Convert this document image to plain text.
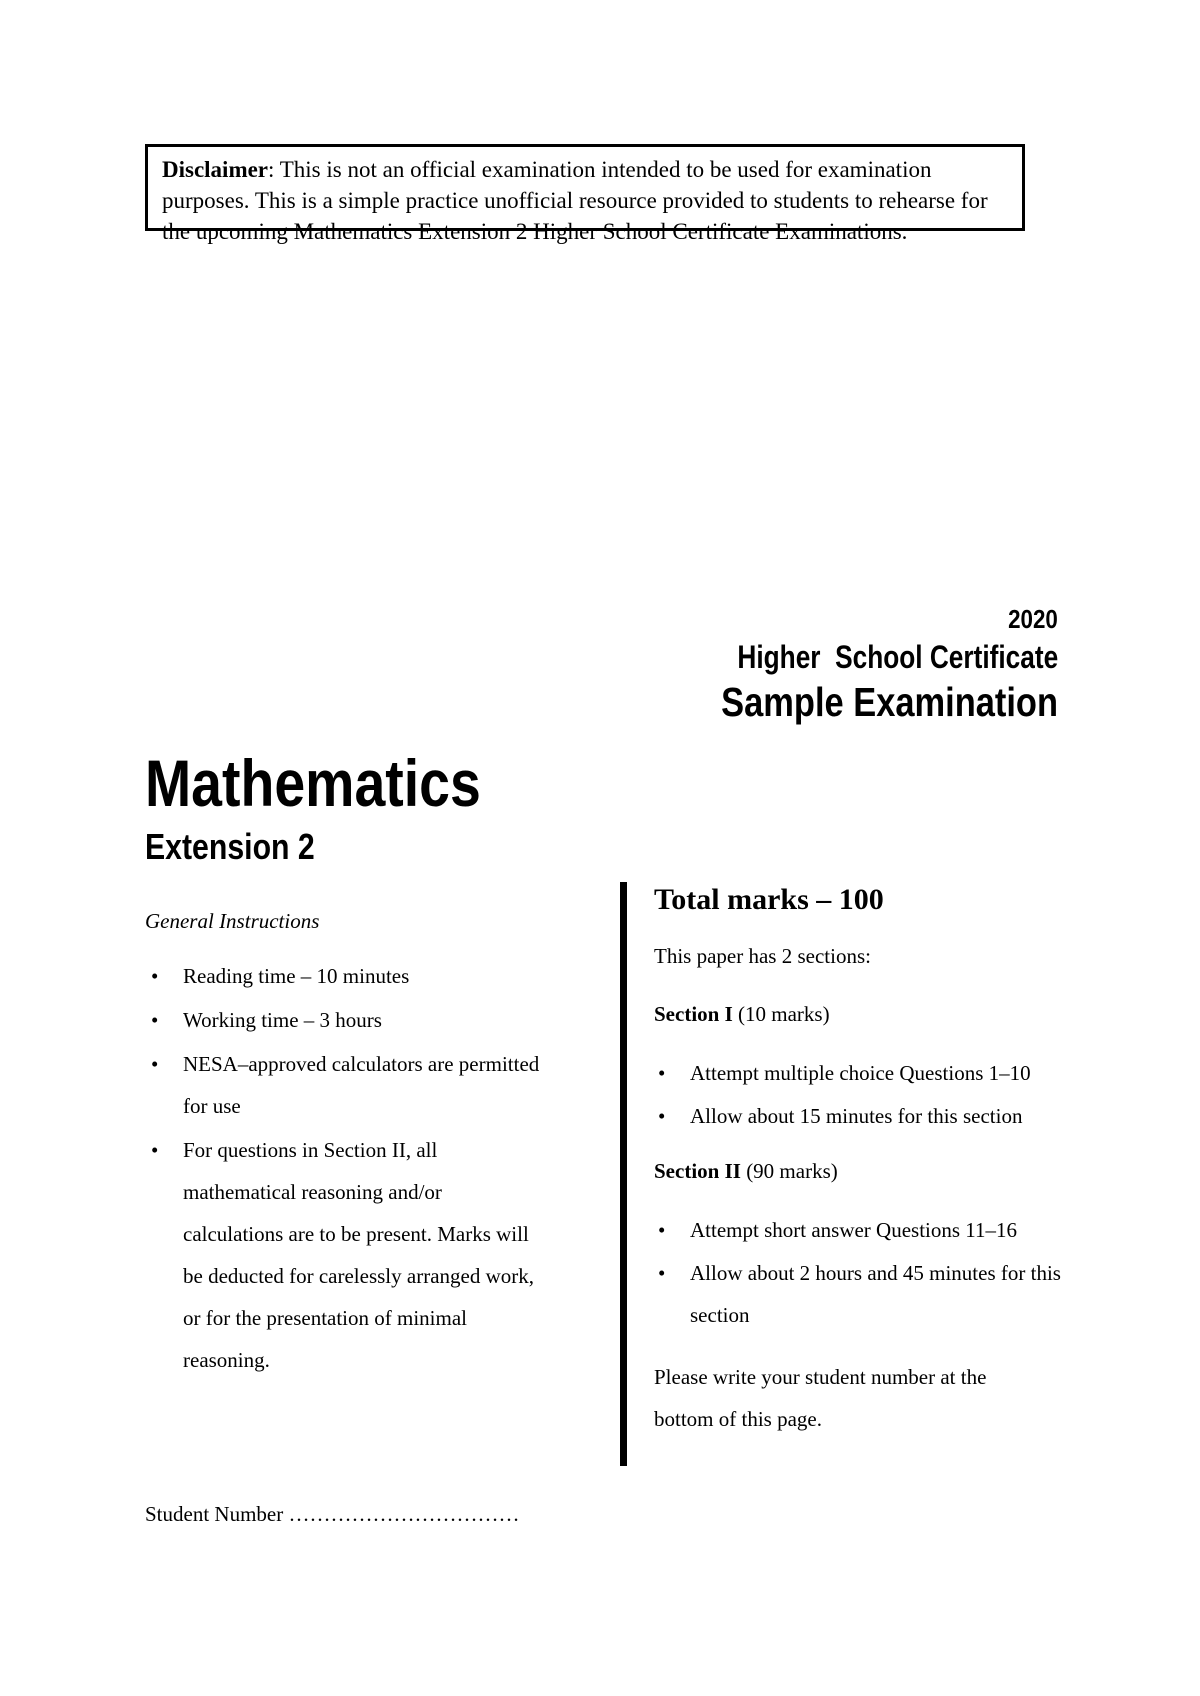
Disclaimer: This is not an official examination intended to be used for examination purposes. This is a simple practice unofficial resource provided to students to rehearse for the upcoming Mathematics Extension 2 Higher School Certificate Examinations.
2020
Higher  School Certificate
Sample Examination
Mathematics
Extension 2
General Instructions
• Reading time – 10 minutes
• Working time – 3 hours
• NESA–approved calculators are permitted for use
• For questions in Section II, all mathematical reasoning and/or calculations are to be present. Marks will be deducted for carelessly arranged work, or for the presentation of minimal reasoning.
Total marks – 100

This paper has 2 sections:

Section I (10 marks)
• Attempt multiple choice Questions 1–10
• Allow about 15 minutes for this section
Section II (90 marks)
• Attempt short answer Questions 11–16
• Allow about 2 hours and 45 minutes for this section
Please write your student number at the bottom of this page.
Student Number ……………………………
